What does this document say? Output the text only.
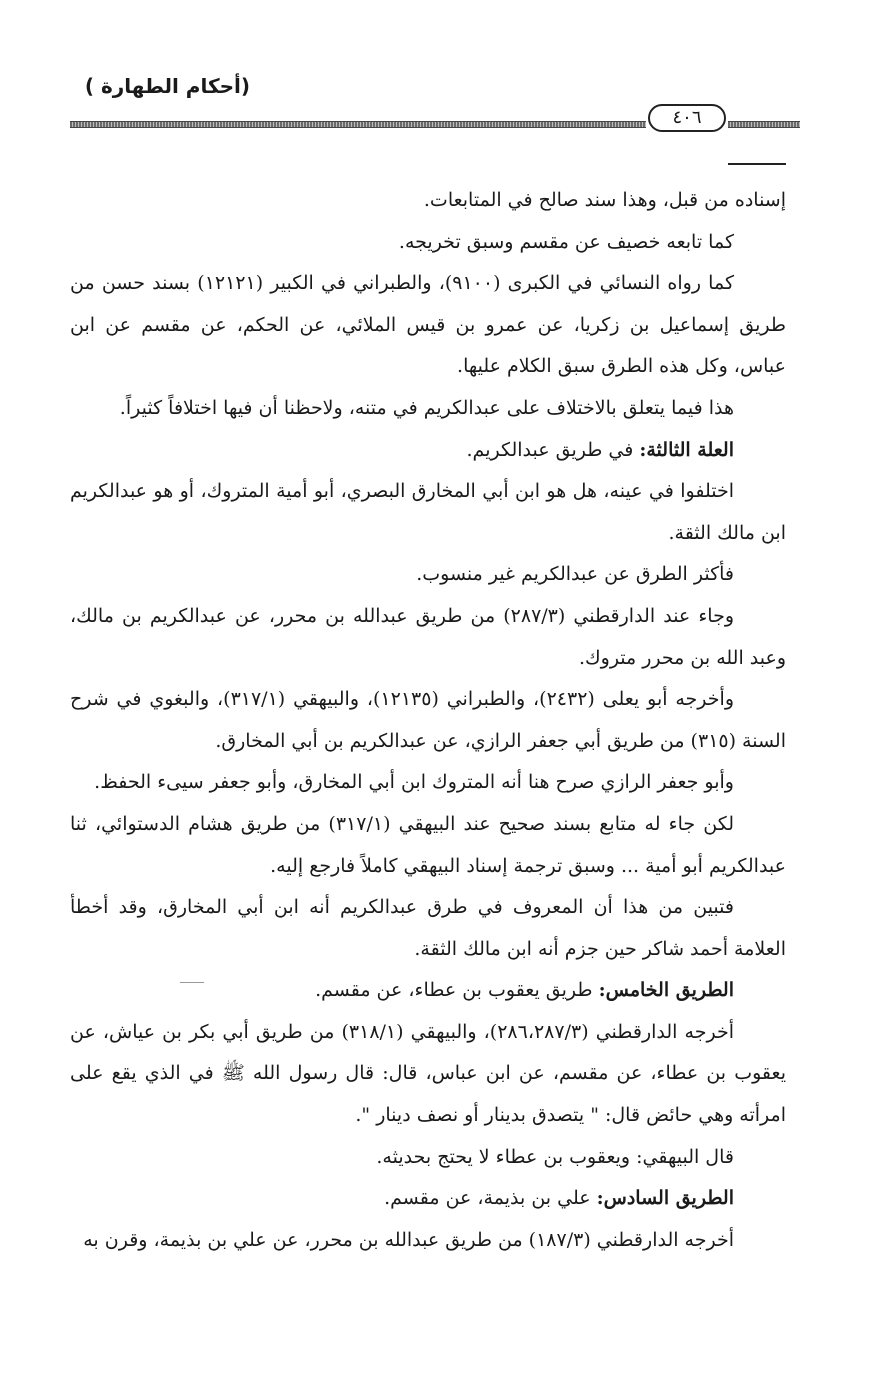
(أحكام الطهارة )
٤٠٦

إسناده من قبل، وهذا سند صالح في المتابعات.

كما تابعه خصيف عن مقسم وسبق تخريجه.

كما رواه النسائي في الكبرى (٩١٠٠)، والطبراني في الكبير (١٢١٢١) بسند حسن من طريق إسماعيل بن زكريا، عن عمرو بن قيس الملائي، عن الحكم، عن مقسم عن ابن عباس، وكل هذه الطرق سبق الكلام عليها.

هذا فيما يتعلق بالاختلاف على عبدالكريم في متنه، ولاحظنا أن فيها اختلافاً كثيراً.

العلة الثالثة: في طريق عبدالكريم.

اختلفوا في عينه، هل هو ابن أبي المخارق البصري، أبو أمية المتروك، أو هو عبدالكريم ابن مالك الثقة.

فأكثر الطرق عن عبدالكريم غير منسوب.

وجاء عند الدارقطني (٢٨٧/٣) من طريق عبدالله بن محرر، عن عبدالكريم بن مالك، وعبد الله بن محرر متروك.

وأخرجه أبو يعلى (٢٤٣٢)، والطبراني (١٢١٣٥)، والبيهقي (٣١٧/١)، والبغوي في شرح السنة (٣١٥) من طريق أبي جعفر الرازي، عن عبدالكريم بن أبي المخارق.

وأبو جعفر الرازي صرح هنا أنه المتروك ابن أبي المخارق، وأبو جعفر سيىء الحفظ.

لكن جاء له متابع بسند صحيح عند البيهقي (٣١٧/١) من طريق هشام الدستوائي، ثنا عبدالكريم أبو أمية ... وسبق ترجمة إسناد البيهقي كاملاً فارجع إليه.

فتبين من هذا أن المعروف في طرق عبدالكريم أنه ابن أبي المخارق، وقد أخطأ العلامة أحمد شاكر حين جزم أنه ابن مالك الثقة.

الطريق الخامس: طريق يعقوب بن عطاء، عن مقسم.

أخرجه الدارقطني (٢٨٦،٢٨٧/٣)، والبيهقي (٣١٨/١) من طريق أبي بكر بن عياش، عن يعقوب بن عطاء، عن مقسم، عن ابن عباس، قال: قال رسول الله ﷺ في الذي يقع على امرأته وهي حائض قال: " يتصدق بدينار أو نصف دينار ".

قال البيهقي: ويعقوب بن عطاء لا يحتج بحديثه.

الطريق السادس: علي بن بذيمة، عن مقسم.

أخرجه الدارقطني (١٨٧/٣) من طريق عبدالله بن محرر، عن علي بن بذيمة، وقرن به
